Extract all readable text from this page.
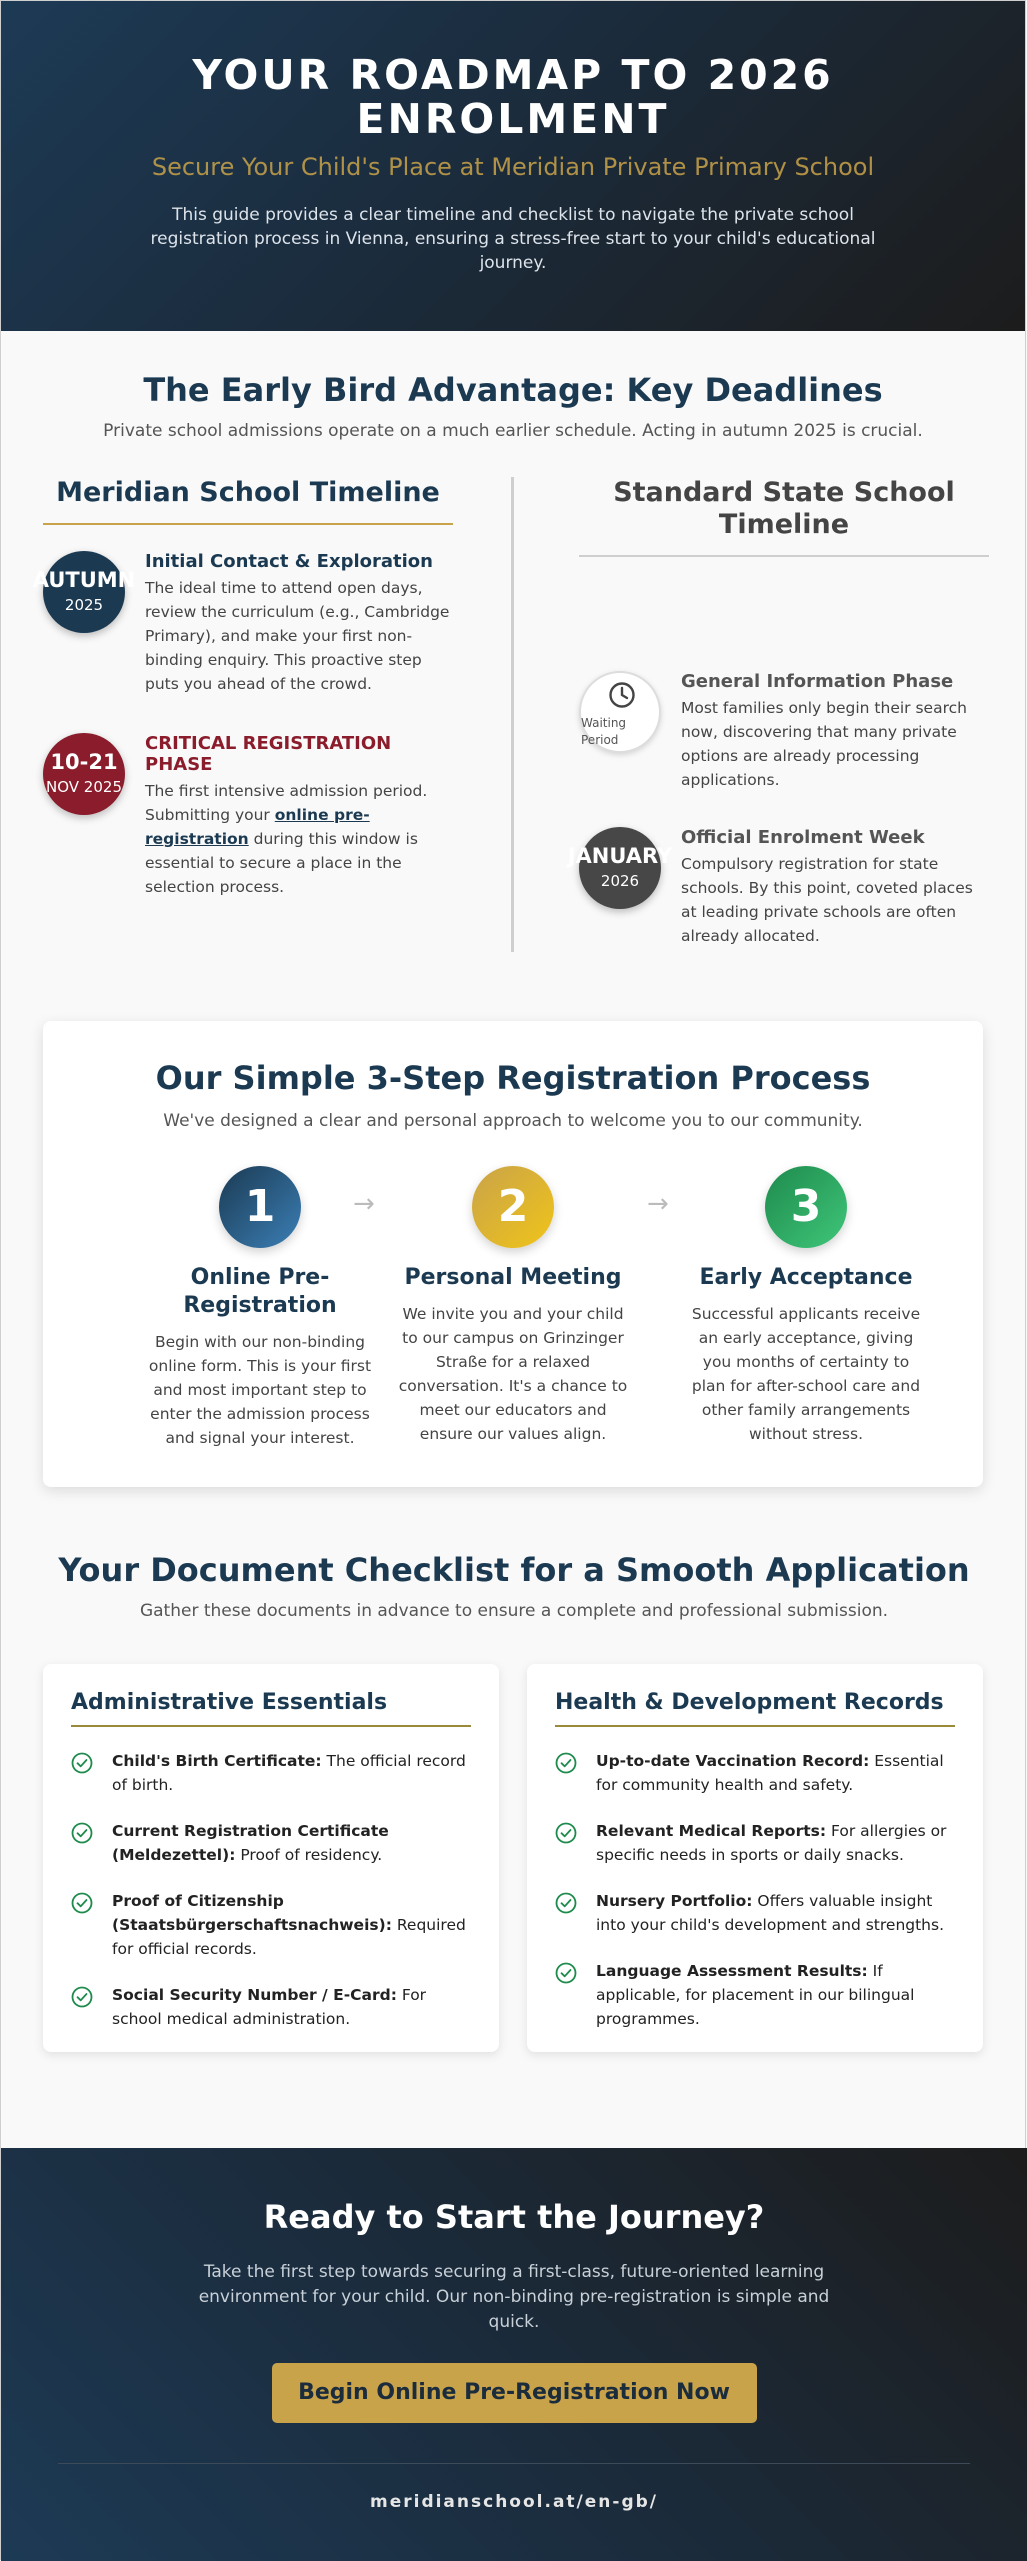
YOUR ROADMAP TO 2026 ENROLMENT
Secure Your Child's Place at Meridian Private Primary School

This guide provides a clear timeline and checklist to navigate the private school registration process in Vienna, ensuring a stress-free start to your child's educational journey.

The Early Bird Advantage: Key Deadlines

Private school admissions operate on a much earlier schedule. Acting in autumn 2025 is crucial.

Meridian School Timeline
AUTUMN
2025
Initial Contact & Exploration
The ideal time to attend open days, review the curriculum (e.g., Cambridge Primary), and make your first non-binding enquiry. This proactive step puts you ahead of the crowd.
10-21
NOV 2025
CRITICAL REGISTRATION PHASE
The first intensive admission period. Submitting your online pre-registration during this window is essential to secure a place in the selection process.
Standard State School Timeline
Waiting Period
General Information Phase
Most families only begin their search now, discovering that many private options are already processing applications.
JANUARY
2026
Official Enrolment Week
Compulsory registration for state schools. By this point, coveted places at leading private schools are often already allocated.
Our Simple 3-Step Registration Process

We've designed a clear and personal approach to welcome you to our community.

1
Online Pre-Registration
Begin with our non-binding online form. This is your first and most important step to enter the admission process and signal your interest.
→	2
Personal Meeting
We invite you and your child to our campus on Grinzinger Straße for a relaxed conversation. It's a chance to meet our educators and ensure our values align.
→	3
Early Acceptance
Successful applicants receive an early acceptance, giving you months of certainty to plan for after-school care and other family arrangements without stress.
Your Document Checklist for a Smooth Application

Gather these documents in advance to ensure a complete and professional submission.

Administrative Essentials
Child's Birth Certificate: The official record of birth.
Current Registration Certificate (Meldezettel): Proof of residency.
Proof of Citizenship (Staatsbürgerschaftsnachweis): Required for official records.
Social Security Number / E-Card: For school medical administration.
Health & Development Records
Up-to-date Vaccination Record: Essential for community health and safety.
Relevant Medical Reports: For allergies or specific needs in sports or daily snacks.
Nursery Portfolio: Offers valuable insight into your child's development and strengths.
Language Assessment Results: If applicable, for placement in our bilingual programmes.
Ready to Start the Journey?

Take the first step towards securing a first-class, future-oriented learning environment for your child. Our non-binding pre-registration is simple and quick.

Begin Online Pre-Registration Now
meridianschool.at/en-gb/
